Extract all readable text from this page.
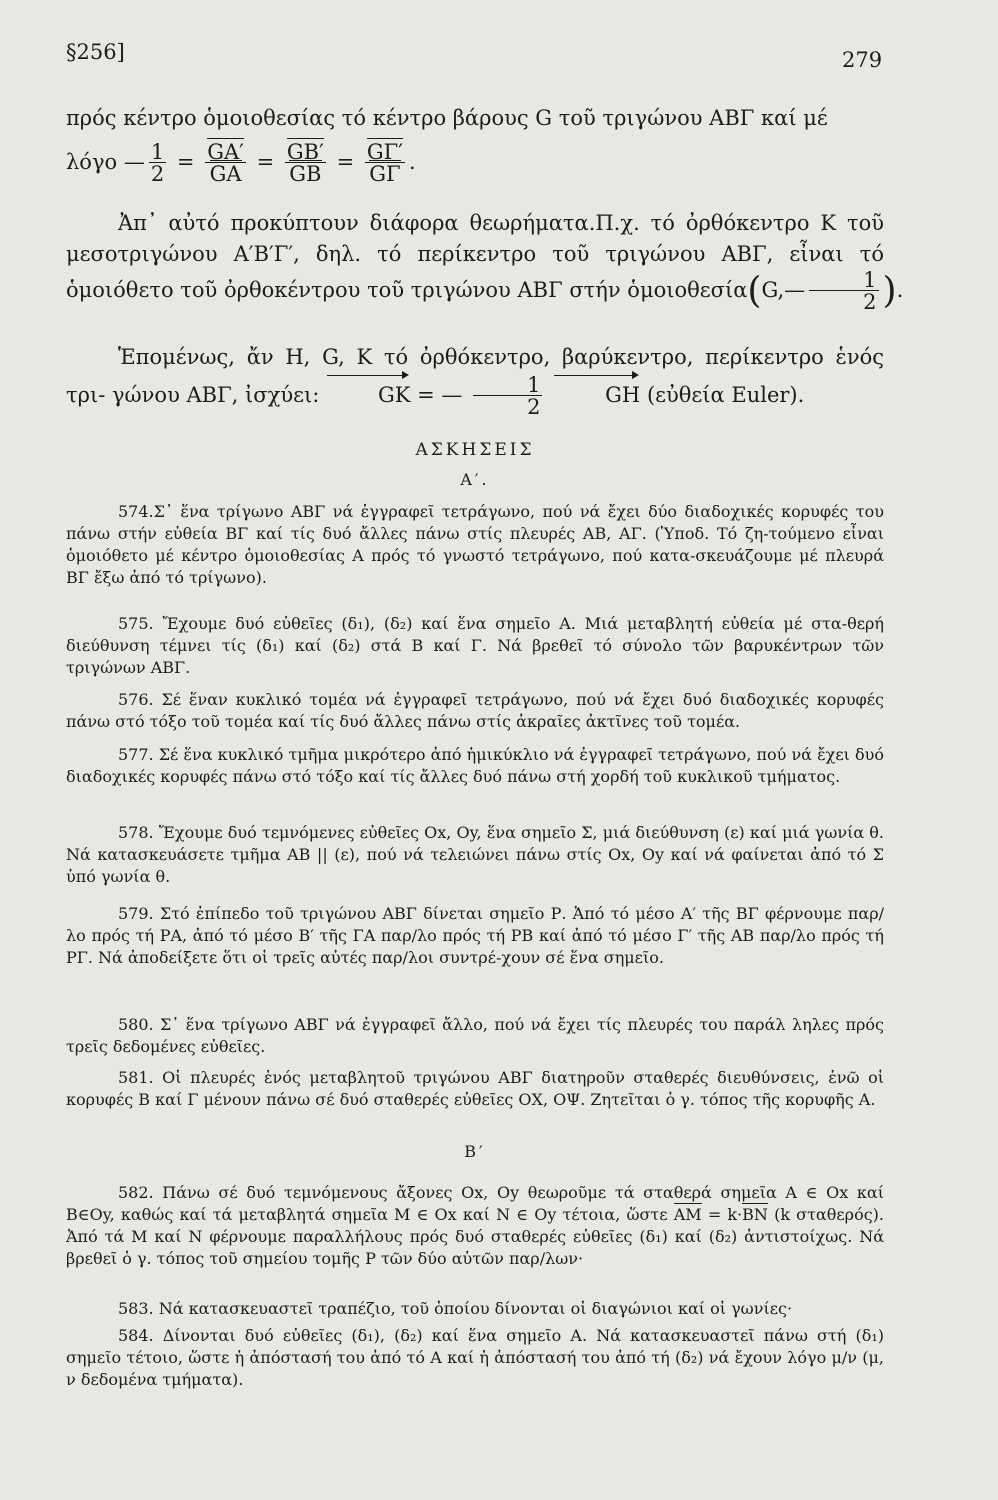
§256]	279
πρός κέντρο ὁμοιοθεσίας τό κέντρο βάρους G τοῦ τριγώνου ΑΒΓ καί μέ
λόγο — $\frac{1}{2} = \frac{GA'}{GA} = \frac{GB'}{GB} = \frac{G\Gamma'}{G\Gamma}$ .
Ἀπ᾽ αὐτό προκύπτουν διάφορα θεωρήματα.Π.χ. τό ὀρθόκεντρο Κ τοῦ μεσοτριγώνου Α′Β′Γ′, δηλ. τό περίκεντρο τοῦ τριγώνου ΑΒΓ, εἶναι τό ὁμοιόθετο τοῦ ὀρθοκέντρου τοῦ τριγώνου ΑΒΓ στήν ὁμοιοθεσία(G,— $\frac{1}{2}$ ).
Ἑπομένως, ἄν Η, G, Κ τό ὀρθόκεντρο, βαρύκεντρο, περίκεντρο ἑνός τρι- γώνου ΑΒΓ, ἰσχύει:	GK = — $\frac{1}{2}$	GH (εὐθεία Euler).
ΑΣΚΗΣΕΙΣ
Α′.
574.Σ᾽ ἕνα τρίγωνο ΑΒΓ νά ἐγγραφεῖ τετράγωνο, πού νά ἔχει δύο διαδοχικές κορυφές του πάνω στήν εὐθεία ΒΓ καί τίς δυό ἄλλες πάνω στίς πλευρές ΑΒ, ΑΓ. (Ὑποδ. Τό ζη-τούμενο εἶναι ὁμοιόθετο μέ κέντρο ὁμοιοθεσίας Α πρός τό γνωστό τετράγωνο, πού κατα-σκευάζουμε μέ πλευρά ΒΓ ἔξω ἀπό τό τρίγωνο).
575. Ἔχουμε δυό εὐθεῖες (δ₁), (δ₂) καί ἕνα σημεῖο Α. Μιά μεταβλητή εὐθεία μέ στα-θερή διεύθυνση τέμνει τίς (δ₁) καί (δ₂) στά Β καί Γ. Νά βρεθεῖ τό σύνολο τῶν βαρυκέντρων τῶν τριγώνων ΑΒΓ.
576. Σέ ἕναν κυκλικό τομέα νά ἐγγραφεῖ τετράγωνο, πού νά ἔχει δυό διαδοχικές κορυφές πάνω στό τόξο τοῦ τομέα καί τίς δυό ἄλλες πάνω στίς ἀκραῖες ἀκτῖνες τοῦ τομέα.
577. Σέ ἕνα κυκλικό τμῆμα μικρότερο ἀπό ἡμικύκλιο νά ἐγγραφεῖ τετράγωνο, πού νά ἔχει δυό διαδοχικές κορυφές πάνω στό τόξο καί τίς ἄλλες δυό πάνω στή χορδή τοῦ κυκλικοῦ τμήματος.
578. Ἔχουμε δυό τεμνόμενες εὐθεῖες Ox, Oy, ἕνα σημεῖο Σ, μιά διεύθυνση (ε) καί μιά γωνία θ. Νά κατασκευάσετε τμῆμα ΑΒ || (ε), πού νά τελειώνει πάνω στίς Ox, Oy καί νά φαίνεται ἀπό τό Σ ὑπό γωνία θ.
579. Στό ἐπίπεδο τοῦ τριγώνου ΑΒΓ δίνεται σημεῖο Ρ. Ἀπό τό μέσο Α′ τῆς ΒΓ φέρνουμε παρ/λο πρός τή ΡΑ, ἀπό τό μέσο Β′ τῆς ΓΑ παρ/λο πρός τή ΡΒ καί ἀπό τό μέσο Γ′ τῆς ΑΒ παρ/λο πρός τή ΡΓ. Νά ἀποδείξετε ὅτι οἱ τρεῖς αὐτές παρ/λοι συντρέ-χουν σέ ἕνα σημεῖο.
580. Σ᾽ ἕνα τρίγωνο ΑΒΓ νά ἐγγραφεῖ ἄλλο, πού νά ἔχει τίς πλευρές του παράλ ληλες πρός τρεῖς δεδομένες εὐθεῖες.
581. Οἱ πλευρές ἑνός μεταβλητοῦ τριγώνου ΑΒΓ διατηροῦν σταθερές διευθύνσεις, ἐνῶ οἱ κορυφές Β καί Γ μένουν πάνω σέ δυό σταθερές εὐθεῖες ΟΧ, ΟΨ. Ζητεῖται ὁ γ. τόπος τῆς κορυφῆς Α.
Β′
582. Πάνω σέ δυό τεμνόμενους ἄξονες Ox, Oy θεωροῦμε τά σταθερά σημεῖα Α ∈ Ox καί Β∈Oy, καθώς καί τά μεταβλητά σημεῖα Μ ∈ Ox καί Ν ∈ Oy τέτοια, ὥστε AM = k·BN (k σταθερός). Ἀπό τά Μ καί Ν φέρνουμε παραλλήλους πρός δυό σταθερές εὐθεῖες (δ₁) καί (δ₂) ἀντιστοίχως. Νά βρεθεῖ ὁ γ. τόπος τοῦ σημείου τομῆς Ρ τῶν δύο αὐτῶν παρ/λων·
583. Νά κατασκευαστεῖ τραπέζιο, τοῦ ὁποίου δίνονται οἱ διαγώνιοι καί οἱ γωνίες·
584. Δίνονται δυό εὐθεῖες (δ₁), (δ₂) καί ἕνα σημεῖο Α. Νά κατασκευαστεῖ πάνω στή (δ₁) σημεῖο τέτοιο, ὥστε ἡ ἀπόστασή του ἀπό τό Α καί ἡ ἀπόστασή του ἀπό τή (δ₂) νά ἔχουν λόγο μ/ν (μ, ν δεδομένα τμήματα).
